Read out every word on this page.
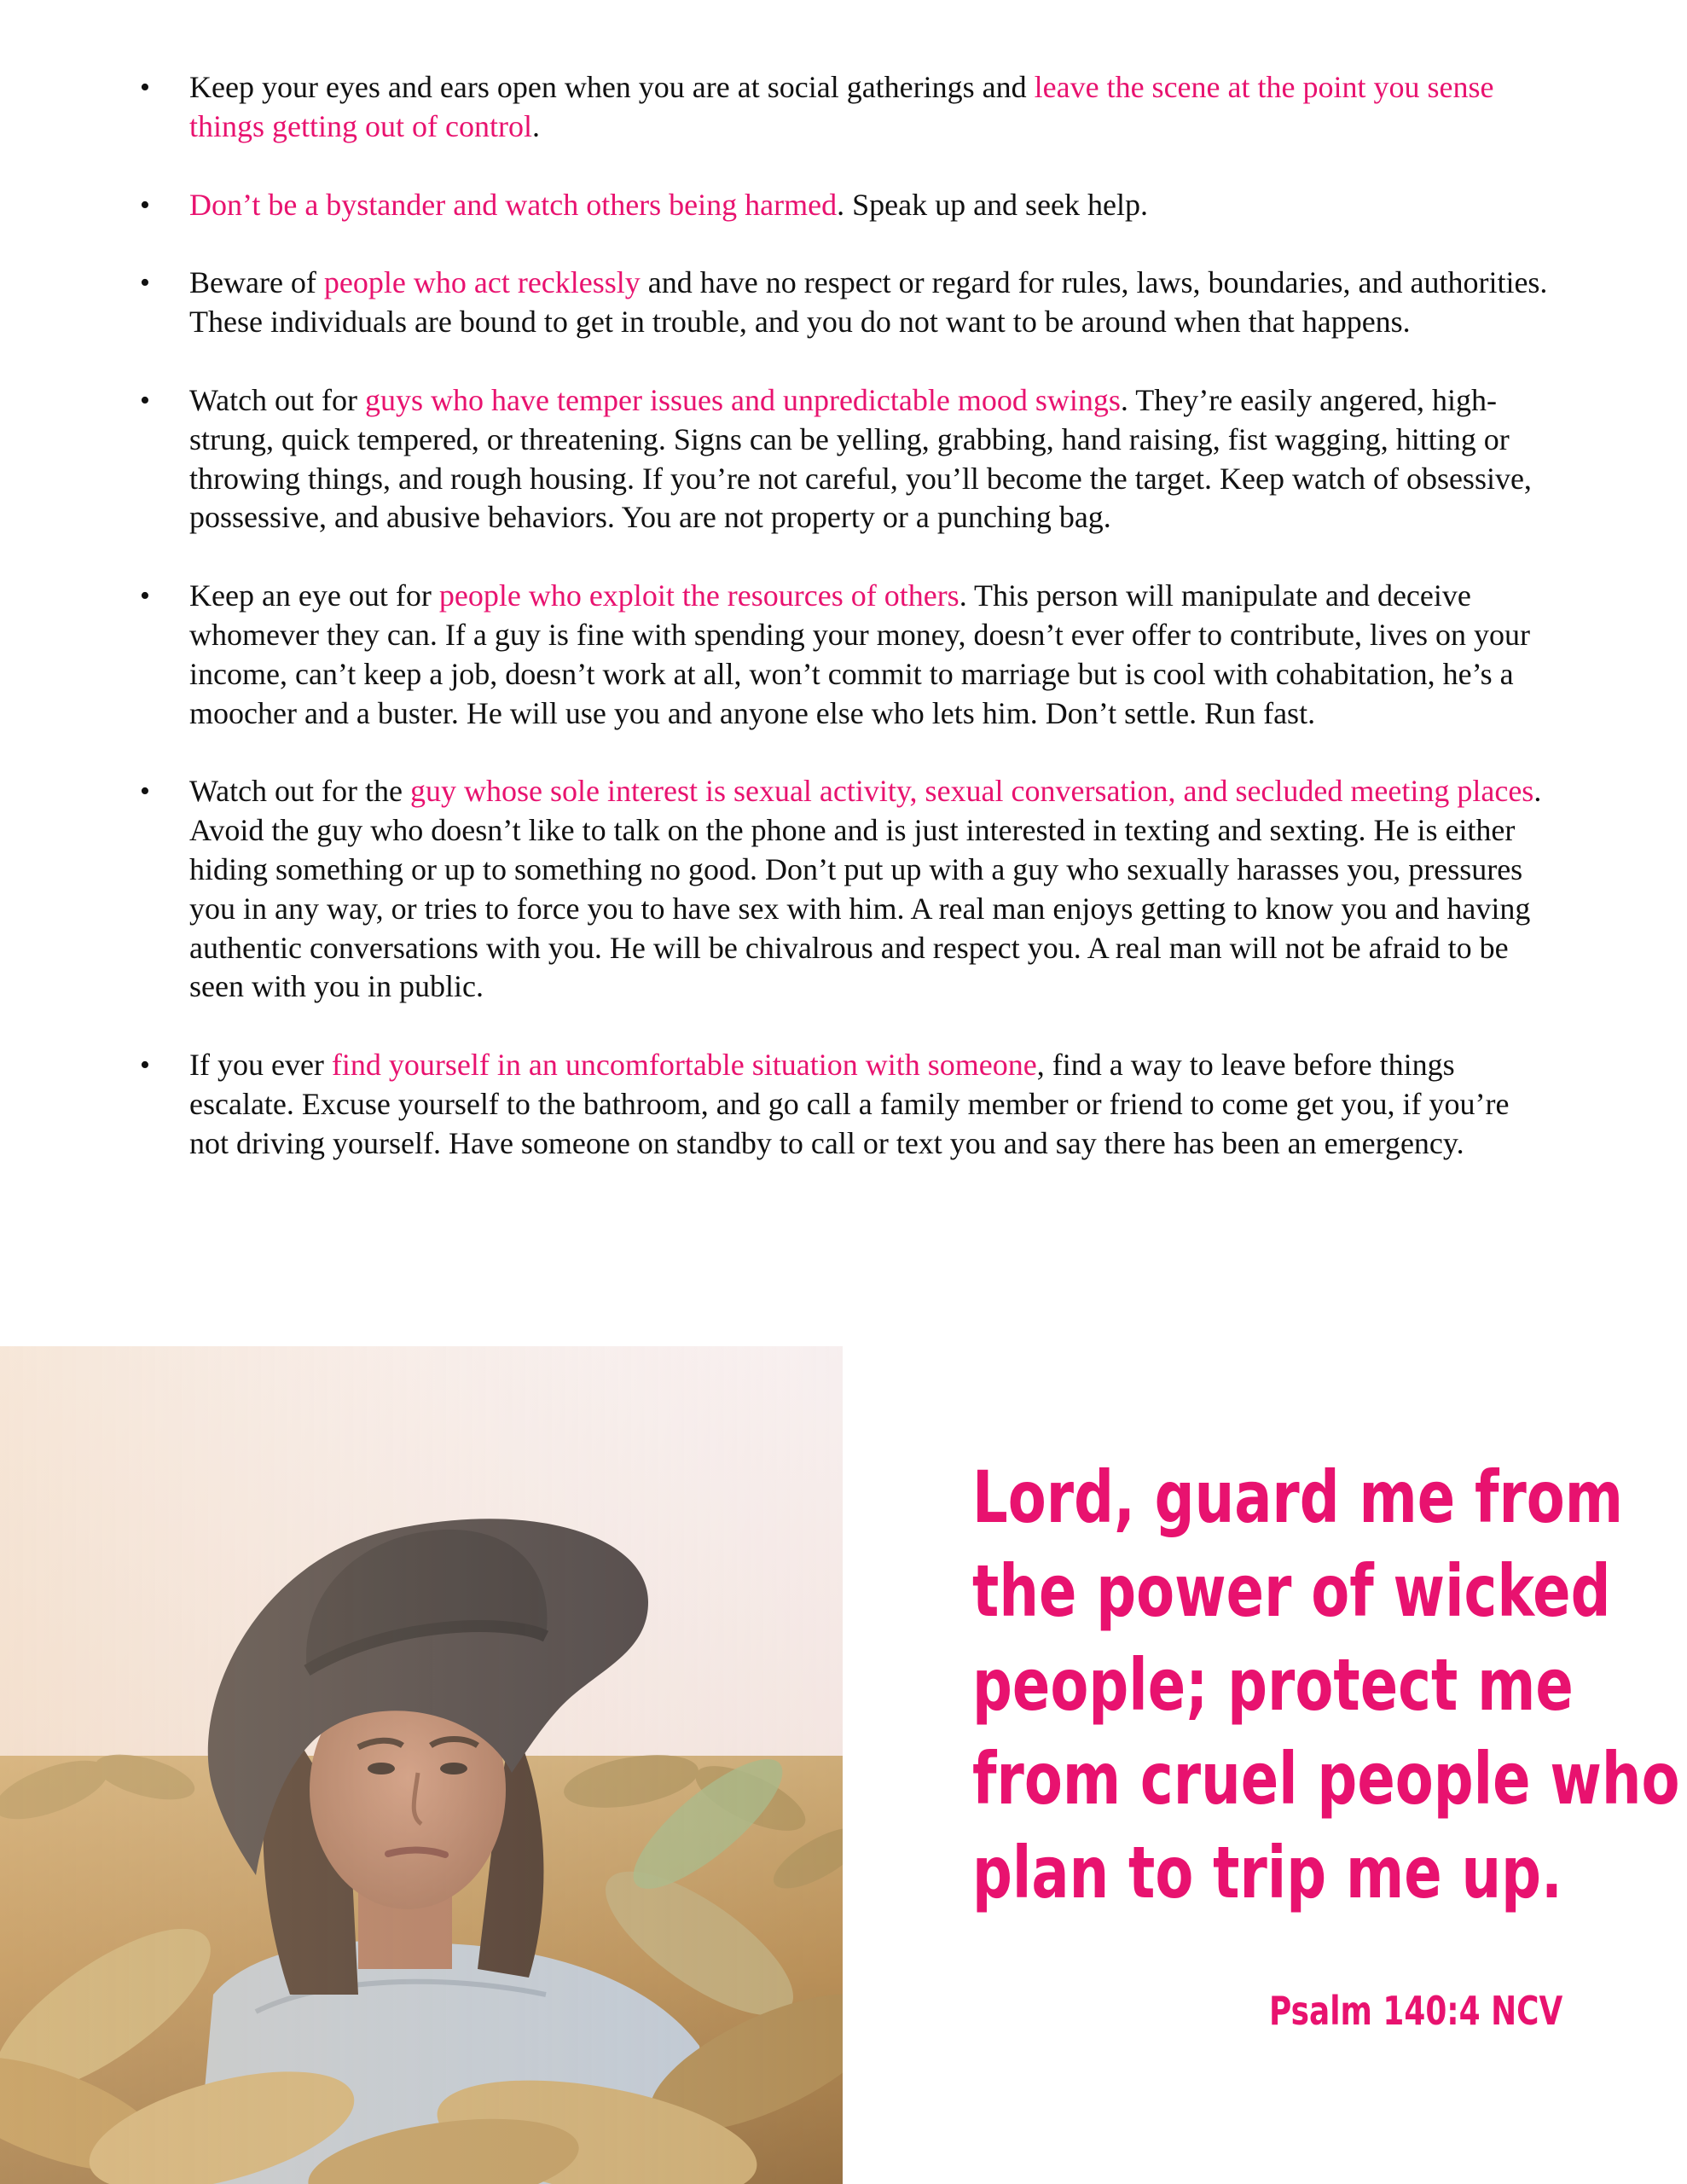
• Keep your eyes and ears open when you are at social gatherings and leave the scene at the point you sense things getting out of control.
• Don’t be a bystander and watch others being harmed. Speak up and seek help.
• Beware of people who act recklessly and have no respect or regard for rules, laws, boundaries, and authorities. These individuals are bound to get in trouble, and you do not want to be around when that happens.
• Watch out for guys who have temper issues and unpredictable mood swings. They’re easily angered, high-strung, quick tempered, or threatening. Signs can be yelling, grabbing, hand raising, fist wagging, hitting or throwing things, and rough housing. If you’re not careful, you’ll become the target. Keep watch of obsessive, possessive, and abusive behaviors. You are not property or a punching bag.
• Keep an eye out for people who exploit the resources of others. This person will manipulate and deceive whomever they can. If a guy is fine with spending your money, doesn’t ever offer to contribute, lives on your income, can’t keep a job, doesn’t work at all, won’t commit to marriage but is cool with cohabitation, he’s a moocher and a buster. He will use you and anyone else who lets him. Don’t settle. Run fast.
• Watch out for the guy whose sole interest is sexual activity, sexual conversation, and secluded meeting places. Avoid the guy who doesn’t like to talk on the phone and is just interested in texting and sexting. He is either hiding something or up to something no good. Don’t put up with a guy who sexually harasses you, pressures you in any way, or tries to force you to have sex with him. A real man enjoys getting to know you and having authentic conversations with you. He will be chivalrous and respect you. A real man will not be afraid to be seen with you in public.
• If you ever find yourself in an uncomfortable situation with someone, find a way to leave before things escalate. Excuse yourself to the bathroom, and go call a family member or friend to come get you, if you’re not driving yourself. Have someone on standby to call or text you and say there has been an emergency.
Lord, guard me from
the power of wicked
people; protect me
from cruel people who
plan to trip me up.
Psalm 140:4 NCV
